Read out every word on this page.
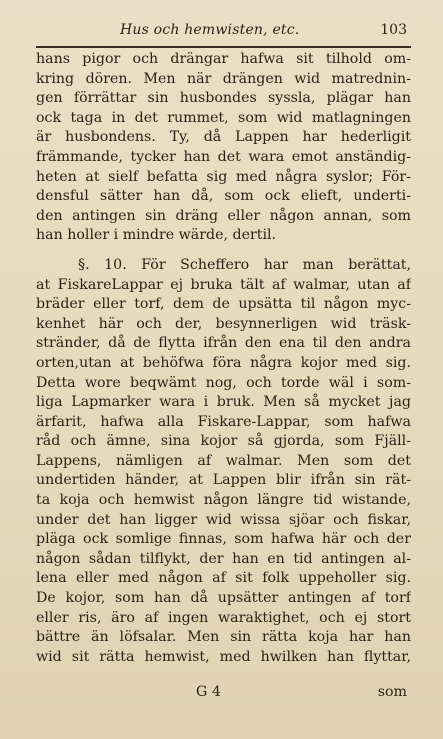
Hus och hemwisten, etc.	103
hans pigor och drängar hafwa sit tilhold om-
kring dören. Men när drängen wid matrednin-
gen förrättar sin husbondes syssla, plägar han
ock taga in det rummet, som wid matlagningen
är husbondens. Ty, då Lappen har hederligit
främmande, tycker han det wara emot anständig-
heten at sielf befatta sig med några syslor; För-
densful sätter han då, som ock elieft, underti-
den antingen sin dräng eller någon annan, som
han holler i mindre wärde, dertil.
§. 10. För Scheffero har man berättat,
at FiskareLappar ej bruka tält af walmar, utan af
bräder eller torf, dem de upsätta til någon myc-
kenhet här och der, besynnerligen wid träsk-
stränder, då de flytta ifrån den ena til den andra
orten,utan at behöfwa föra några kojor med sig.
Detta wore beqwämt nog, och torde wäl i som-
liga Lapmarker wara i bruk. Men så mycket jag
ärfarit, hafwa alla Fiskare-Lappar, som hafwa
råd och ämne, sina kojor så gjorda, som Fjäll-
Lappens, nämligen af walmar. Men som det
undertiden händer, at Lappen blir ifrån sin rät-
ta koja och hemwist någon längre tid wistande,
under det han ligger wid wissa sjöar och fiskar,
pläga ock somlige finnas, som hafwa här och der
någon sådan tilflykt, der han en tid antingen al-
lena eller med någon af sit folk uppeholler sig.
De kojor, som han då upsätter antingen af torf
eller ris, äro af ingen waraktighet, och ej stort
bättre än löfsalar. Men sin rätta koja har han
wid sit rätta hemwist, med hwilken han flyttar,
G 4	som
